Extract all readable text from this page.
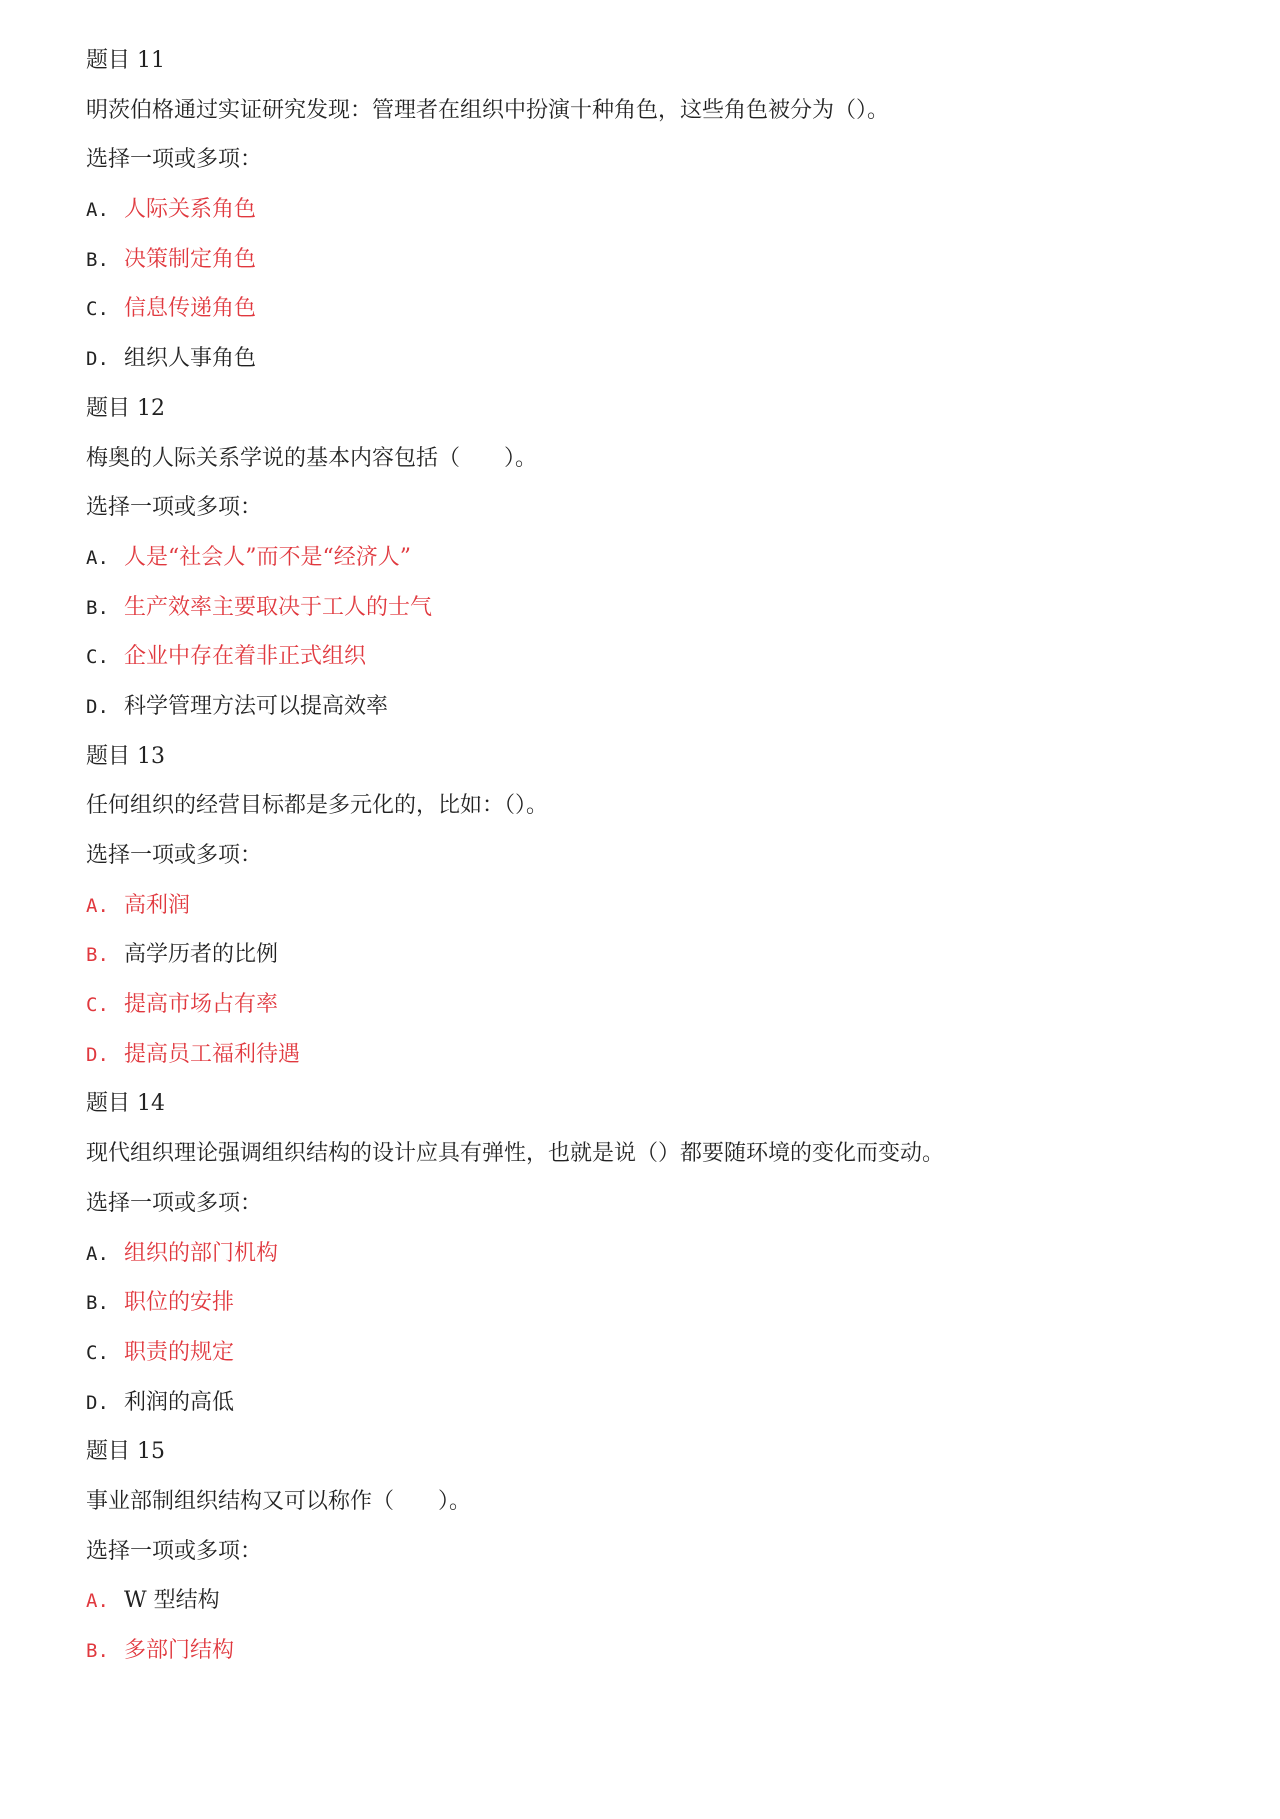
题目 11
明茨伯格通过实证研究发现：管理者在组织中扮演十种角色，这些角色被分为（）。
选择一项或多项：
A. 人际关系角色
B. 决策制定角色
C. 信息传递角色
D. 组织人事角色
题目 12
梅奥的人际关系学说的基本内容包括（　　）。
选择一项或多项：
A. 人是“社会人”而不是“经济人”
B. 生产效率主要取决于工人的士气
C. 企业中存在着非正式组织
D. 科学管理方法可以提高效率
题目 13
任何组织的经营目标都是多元化的，比如：（）。
选择一项或多项：
A. 高利润
B. 高学历者的比例
C. 提高市场占有率
D. 提高员工福利待遇
题目 14
现代组织理论强调组织结构的设计应具有弹性，也就是说（）都要随环境的变化而变动。
选择一项或多项：
A. 组织的部门机构
B. 职位的安排
C. 职责的规定
D. 利润的高低
题目 15
事业部制组织结构又可以称作（　　）。
选择一项或多项：
A. W 型结构
B. 多部门结构
